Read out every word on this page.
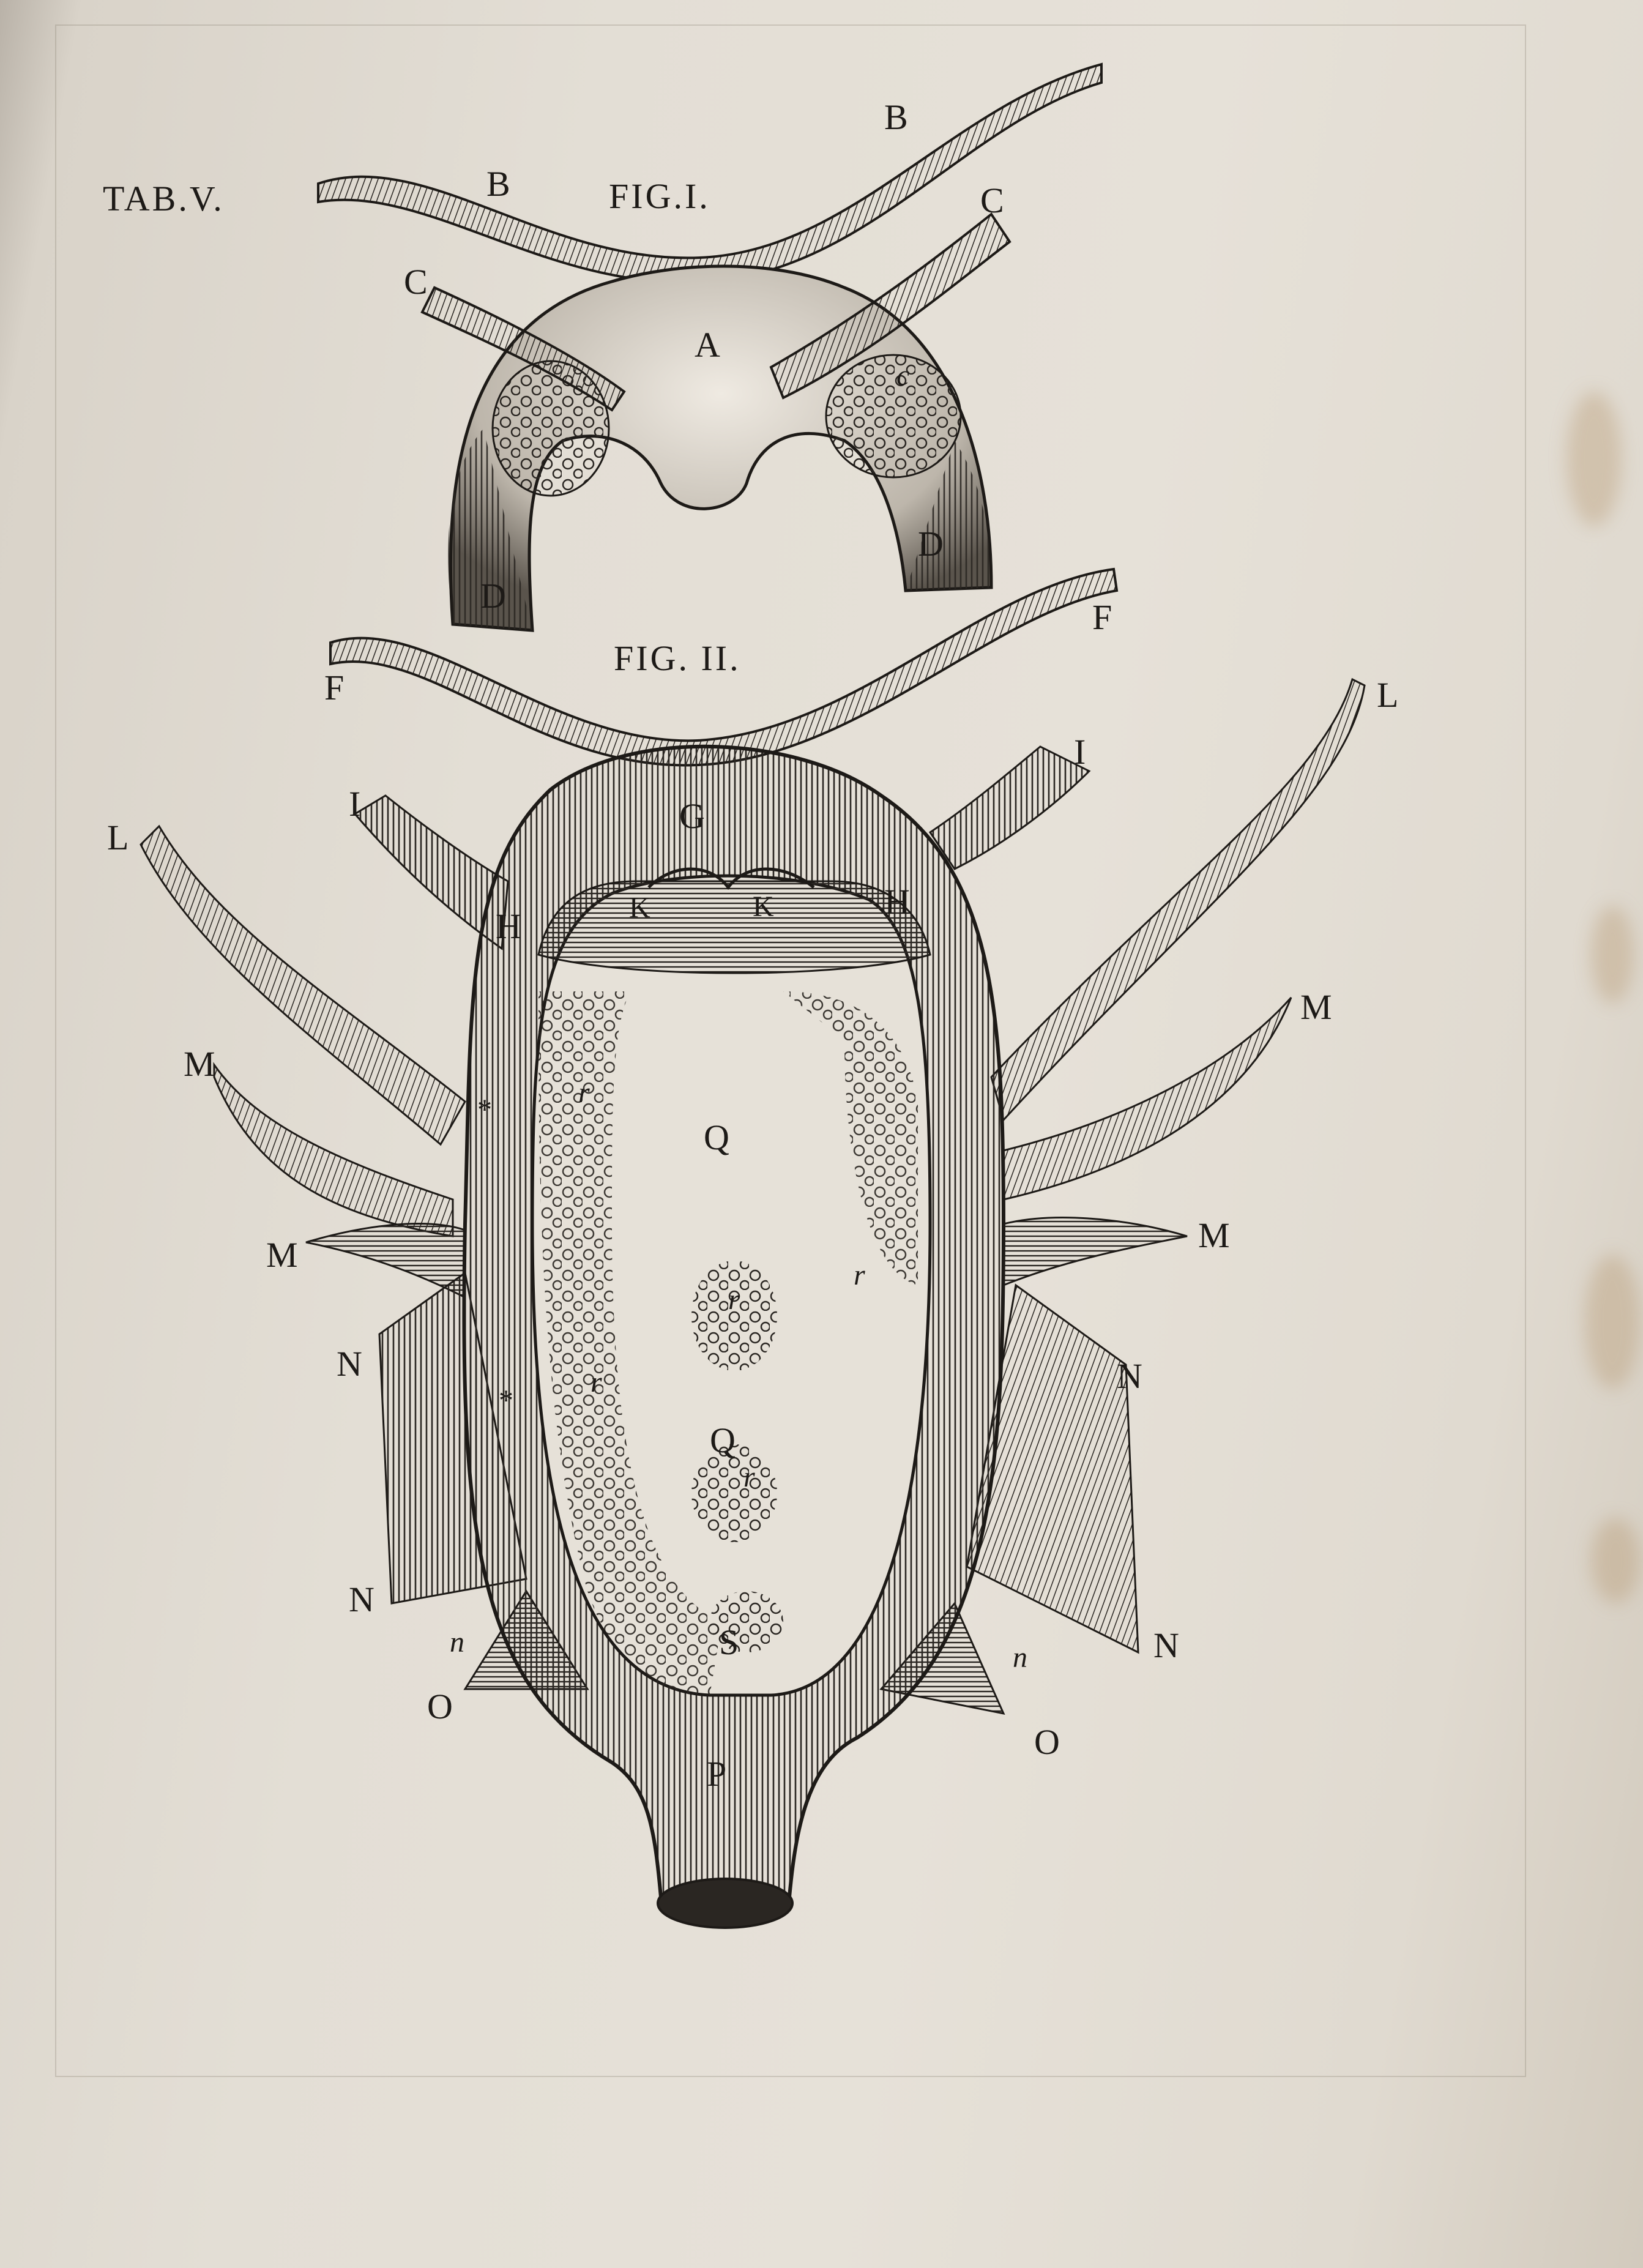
TAB.V.	FIG.I.
FIG. II.
A
B
B
C
C
c
D
D
F
F
G
H
H
I
I
K	K
L
L
M
M
M
M
N
N
N
N
n	n
O
O
P
Q
Q
r
r
r
r
r
S
*
*
